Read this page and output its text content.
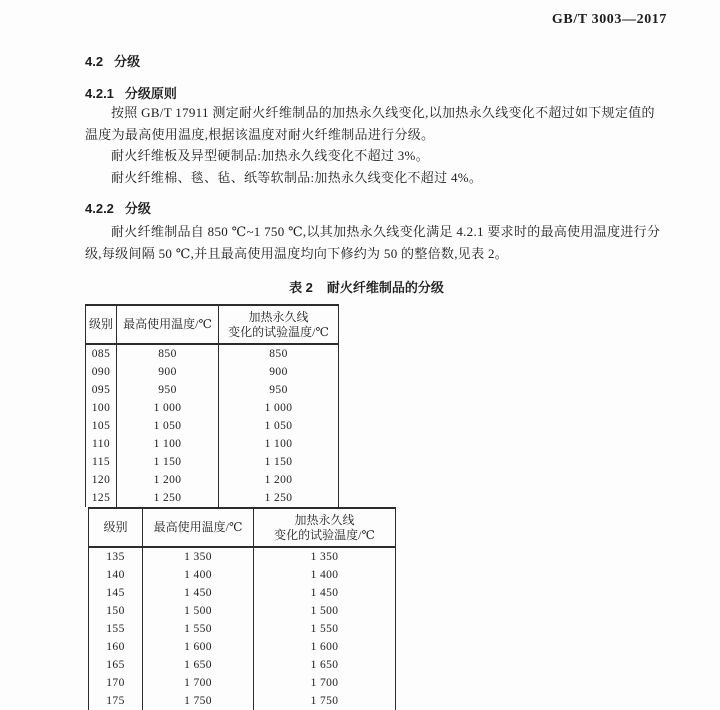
GB/T 3003—2017
4.2 分级
4.2.1 分级原则
按照 GB/T 17911 测定耐火纤维制品的加热永久线变化,以加热永久线变化不超过如下规定值的
温度为最高使用温度,根据该温度对耐火纤维制品进行分级。
耐火纤维板及异型硬制品:加热永久线变化不超过 3%。
耐火纤维棉、毯、毡、纸等软制品:加热永久线变化不超过 4%。
4.2.2 分级
耐火纤维制品自 850 ℃~1 750 ℃,以其加热永久线变化满足 4.2.1 要求时的最高使用温度进行分
级,每级间隔 50 ℃,并且最高使用温度均向下修约为 50 的整倍数,见表 2。
表 2 耐火纤维制品的分级
级别	最高使用温度/℃	加热永久线
变化的试验温度/℃

085	850	850
090	900	900
095	950	950
100	1 000	1 000
105	1 050	1 050
110	1 100	1 100
115	1 150	1 150
120	1 200	1 200
125	1 250	1 250
级别	最高使用温度/℃	加热永久线
变化的试验温度/℃

135	1 350	1 350
140	1 400	1 400
145	1 450	1 450
150	1 500	1 500
155	1 550	1 550
160	1 600	1 600
165	1 650	1 650
170	1 700	1 700
175	1 750	1 750
